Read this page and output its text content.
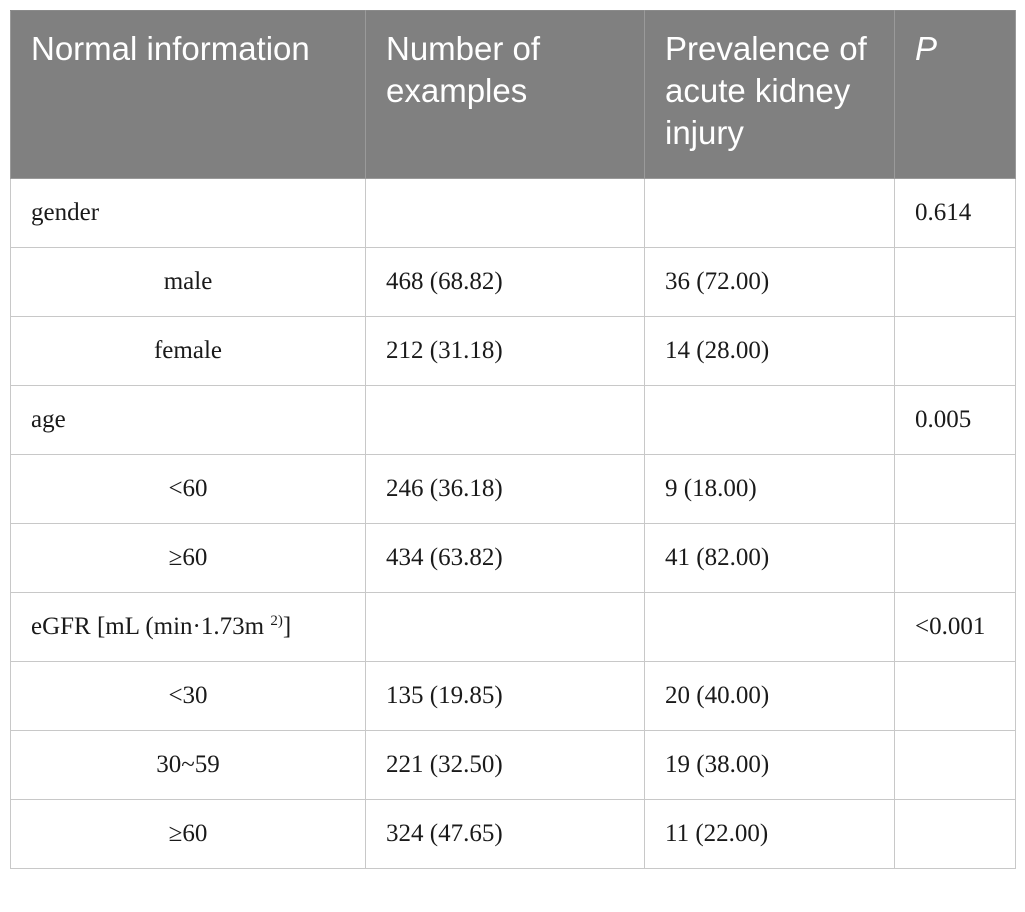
Normal information	Number of examples	Prevalence of acute kidney injury	P
gender			0.614
male	468 (68.82)	36 (72.00)	
female	212 (31.18)	14 (28.00)	
age			0.005
<60	246 (36.18)	9 (18.00)	
≥60	434 (63.82)	41 (82.00)	
eGFR [mL (min·1.73m $^{2)}$]			<0.001
<30	135 (19.85)	20 (40.00)	
30~59	221 (32.50)	19 (38.00)	
≥60	324 (47.65)	11 (22.00)	
